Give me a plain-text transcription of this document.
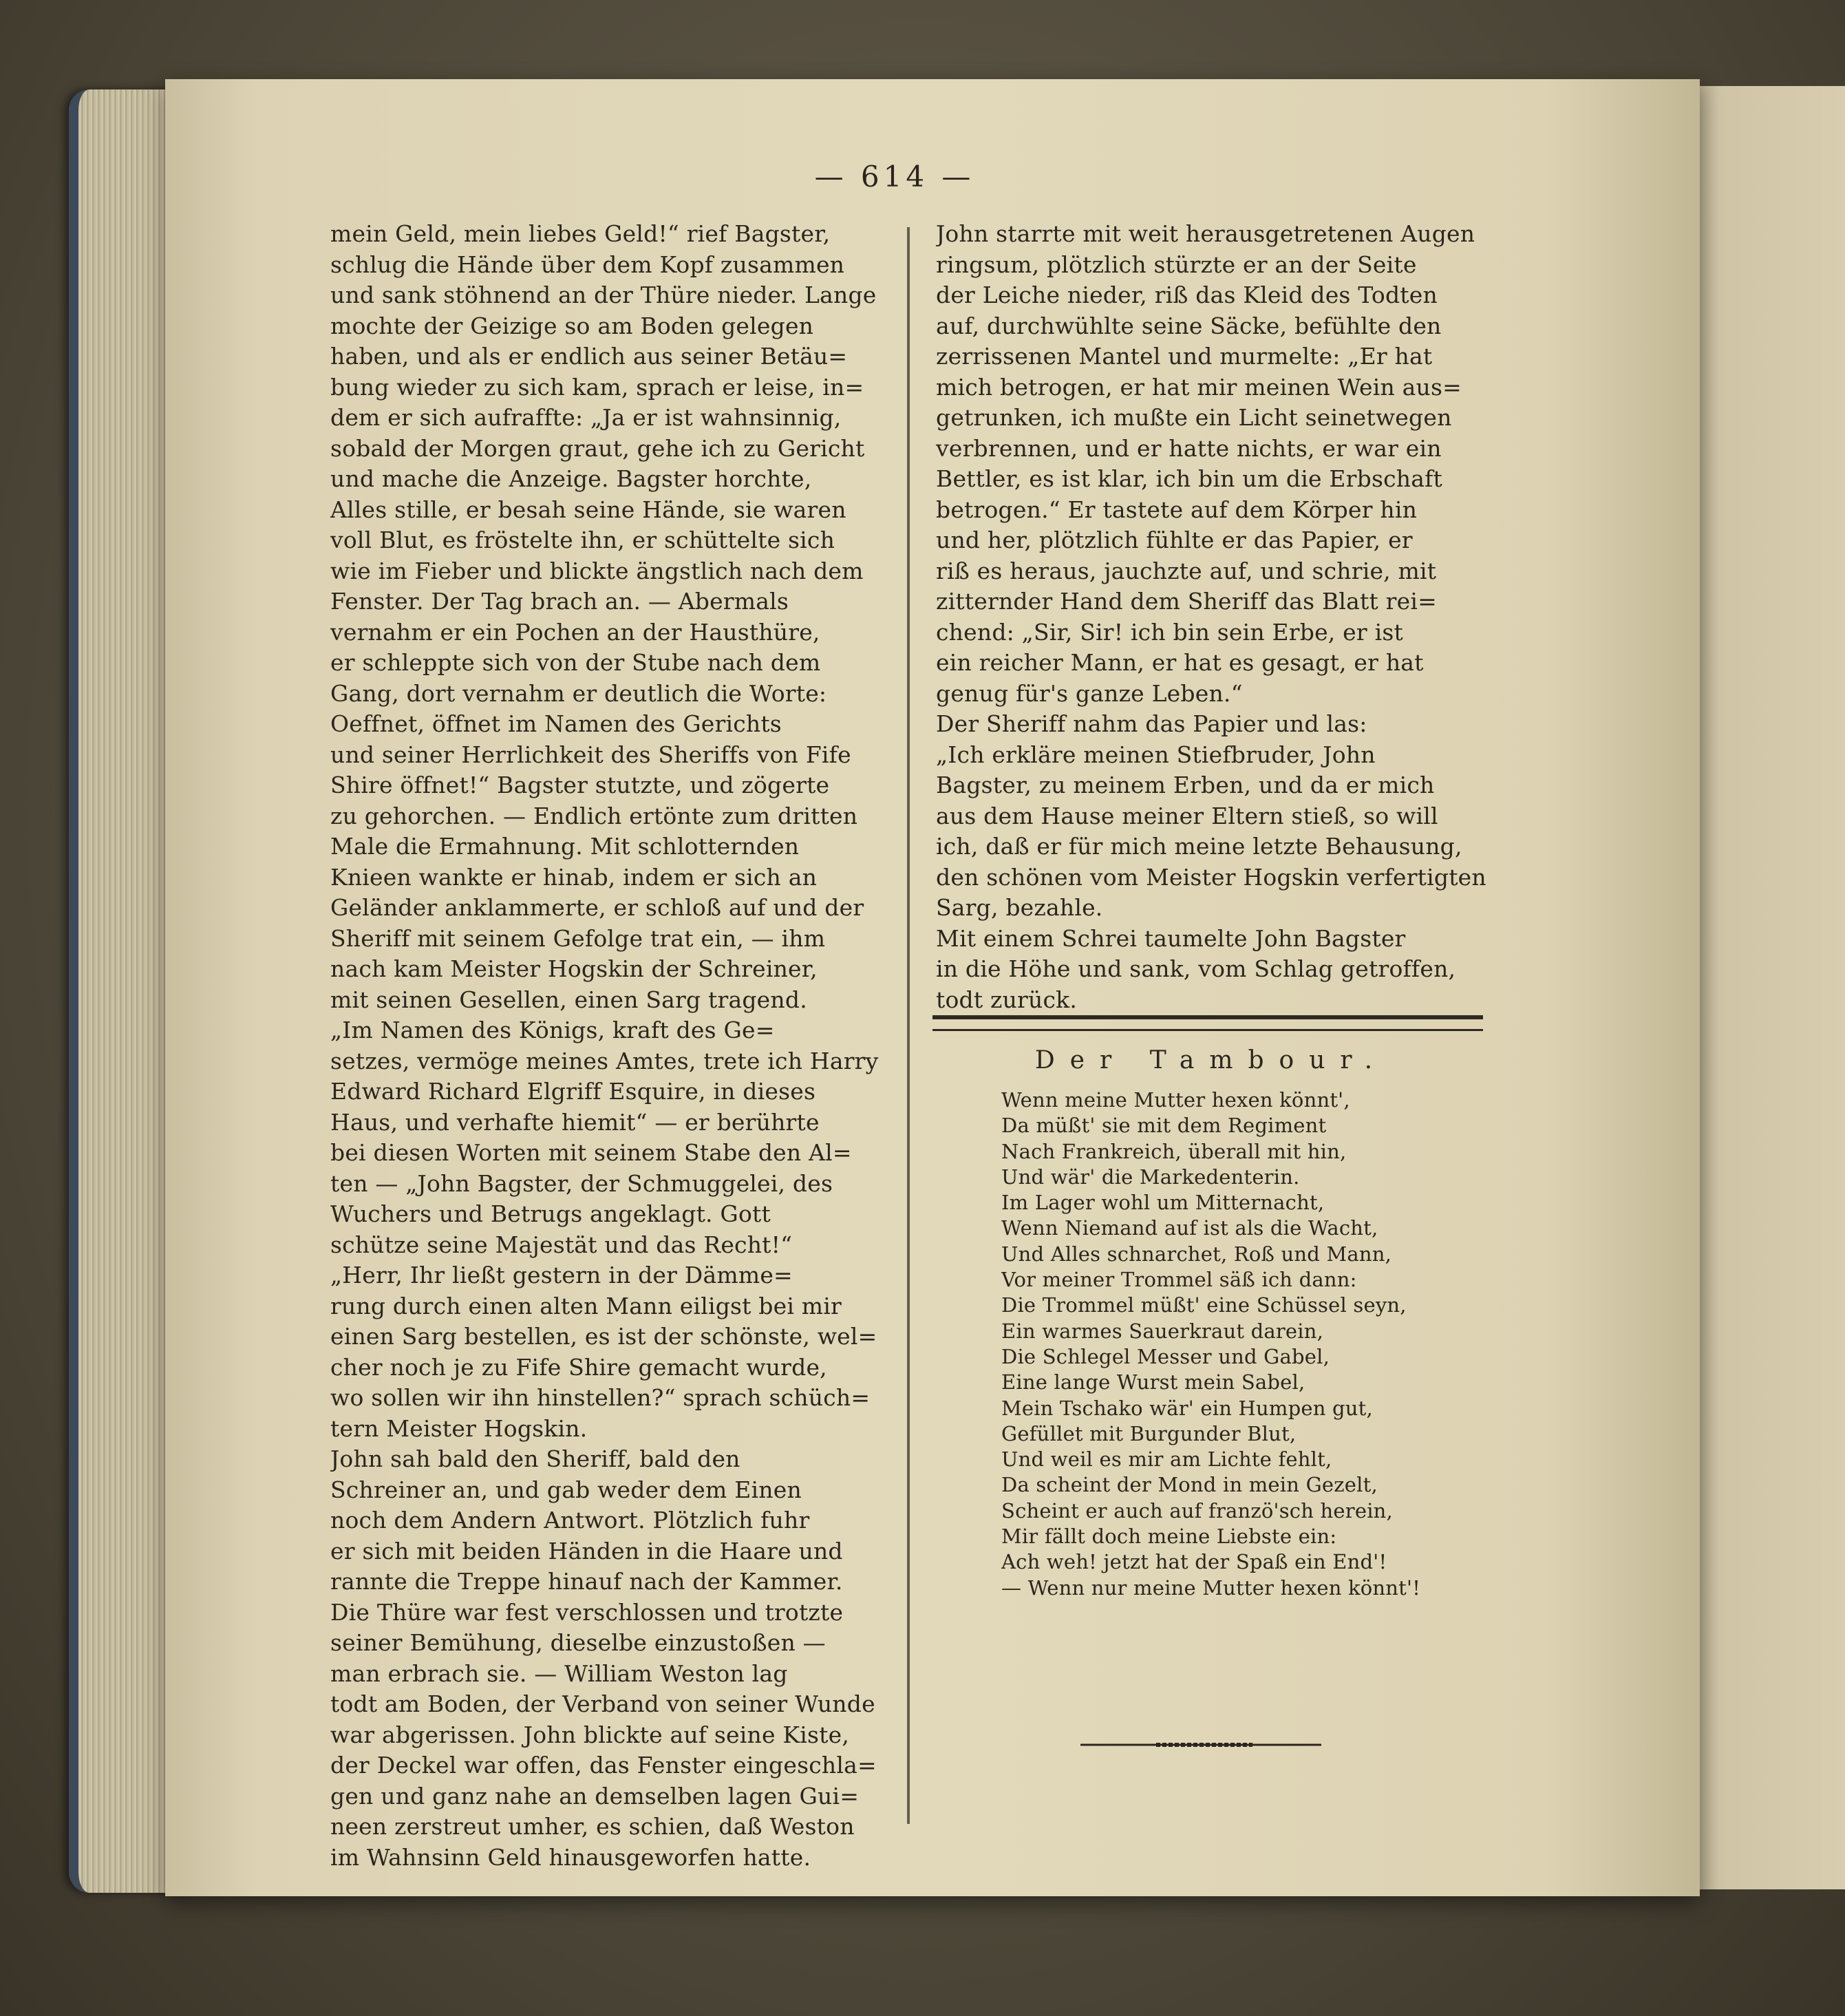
— 614 —
mein Geld, mein liebes Geld!“ rief Bagster,
schlug die Hände über dem Kopf zusammen
und sank stöhnend an der Thüre nieder. Lange
mochte der Geizige so am Boden gelegen
haben, und als er endlich aus seiner Betäu=
bung wieder zu sich kam, sprach er leise, in=
dem er sich aufraffte: „Ja er ist wahnsinnig,
sobald der Morgen graut, gehe ich zu Gericht
und mache die Anzeige. Bagster horchte,
Alles stille, er besah seine Hände, sie waren
voll Blut, es fröstelte ihn, er schüttelte sich
wie im Fieber und blickte ängstlich nach dem
Fenster. Der Tag brach an. — Abermals
vernahm er ein Pochen an der Hausthüre,
er schleppte sich von der Stube nach dem
Gang, dort vernahm er deutlich die Worte:
Oeffnet, öffnet im Namen des Gerichts
und seiner Herrlichkeit des Sheriffs von Fife
Shire öffnet!“ Bagster stutzte, und zögerte
zu gehorchen. — Endlich ertönte zum dritten
Male die Ermahnung. Mit schlotternden
Knieen wankte er hinab, indem er sich an
Geländer anklammerte, er schloß auf und der
Sheriff mit seinem Gefolge trat ein, — ihm
nach kam Meister Hogskin der Schreiner,
mit seinen Gesellen, einen Sarg tragend.
„Im Namen des Königs, kraft des Ge=
setzes, vermöge meines Amtes, trete ich Harry
Edward Richard Elgriff Esquire, in dieses
Haus, und verhafte hiemit“ — er berührte
bei diesen Worten mit seinem Stabe den Al=
ten — „John Bagster, der Schmuggelei, des
Wuchers und Betrugs angeklagt. Gott
schütze seine Majestät und das Recht!“
„Herr, Ihr ließt gestern in der Dämme=
rung durch einen alten Mann eiligst bei mir
einen Sarg bestellen, es ist der schönste, wel=
cher noch je zu Fife Shire gemacht wurde,
wo sollen wir ihn hinstellen?“ sprach schüch=
tern Meister Hogskin.
John sah bald den Sheriff, bald den
Schreiner an, und gab weder dem Einen
noch dem Andern Antwort. Plötzlich fuhr
er sich mit beiden Händen in die Haare und
rannte die Treppe hinauf nach der Kammer.
Die Thüre war fest verschlossen und trotzte
seiner Bemühung, dieselbe einzustoßen —
man erbrach sie. — William Weston lag
todt am Boden, der Verband von seiner Wunde
war abgerissen. John blickte auf seine Kiste,
der Deckel war offen, das Fenster eingeschla=
gen und ganz nahe an demselben lagen Gui=
neen zerstreut umher, es schien, daß Weston
im Wahnsinn Geld hinausgeworfen hatte.
John starrte mit weit herausgetretenen Augen
ringsum, plötzlich stürzte er an der Seite
der Leiche nieder, riß das Kleid des Todten
auf, durchwühlte seine Säcke, befühlte den
zerrissenen Mantel und murmelte: „Er hat
mich betrogen, er hat mir meinen Wein aus=
getrunken, ich mußte ein Licht seinetwegen
verbrennen, und er hatte nichts, er war ein
Bettler, es ist klar, ich bin um die Erbschaft
betrogen.“ Er tastete auf dem Körper hin
und her, plötzlich fühlte er das Papier, er
riß es heraus, jauchzte auf, und schrie, mit
zitternder Hand dem Sheriff das Blatt rei=
chend: „Sir, Sir! ich bin sein Erbe, er ist
ein reicher Mann, er hat es gesagt, er hat
genug für's ganze Leben.“
Der Sheriff nahm das Papier und las:
„Ich erkläre meinen Stiefbruder, John
Bagster, zu meinem Erben, und da er mich
aus dem Hause meiner Eltern stieß, so will
ich, daß er für mich meine letzte Behausung,
den schönen vom Meister Hogskin verfertigten
Sarg, bezahle.
Mit einem Schrei taumelte John Bagster
in die Höhe und sank, vom Schlag getroffen,
todt zurück.
Der Tambour.
Wenn meine Mutter hexen könnt',
Da müßt' sie mit dem Regiment
Nach Frankreich, überall mit hin,
Und wär' die Markedenterin.
Im Lager wohl um Mitternacht,
Wenn Niemand auf ist als die Wacht,
Und Alles schnarchet, Roß und Mann,
Vor meiner Trommel säß ich dann:
Die Trommel müßt' eine Schüssel seyn,
Ein warmes Sauerkraut darein,
Die Schlegel Messer und Gabel,
Eine lange Wurst mein Sabel,
Mein Tschako wär' ein Humpen gut,
Gefüllet mit Burgunder Blut,
Und weil es mir am Lichte fehlt,
Da scheint der Mond in mein Gezelt,
Scheint er auch auf franzö'sch herein,
Mir fällt doch meine Liebste ein:
Ach weh! jetzt hat der Spaß ein End'!
— Wenn nur meine Mutter hexen könnt'!
